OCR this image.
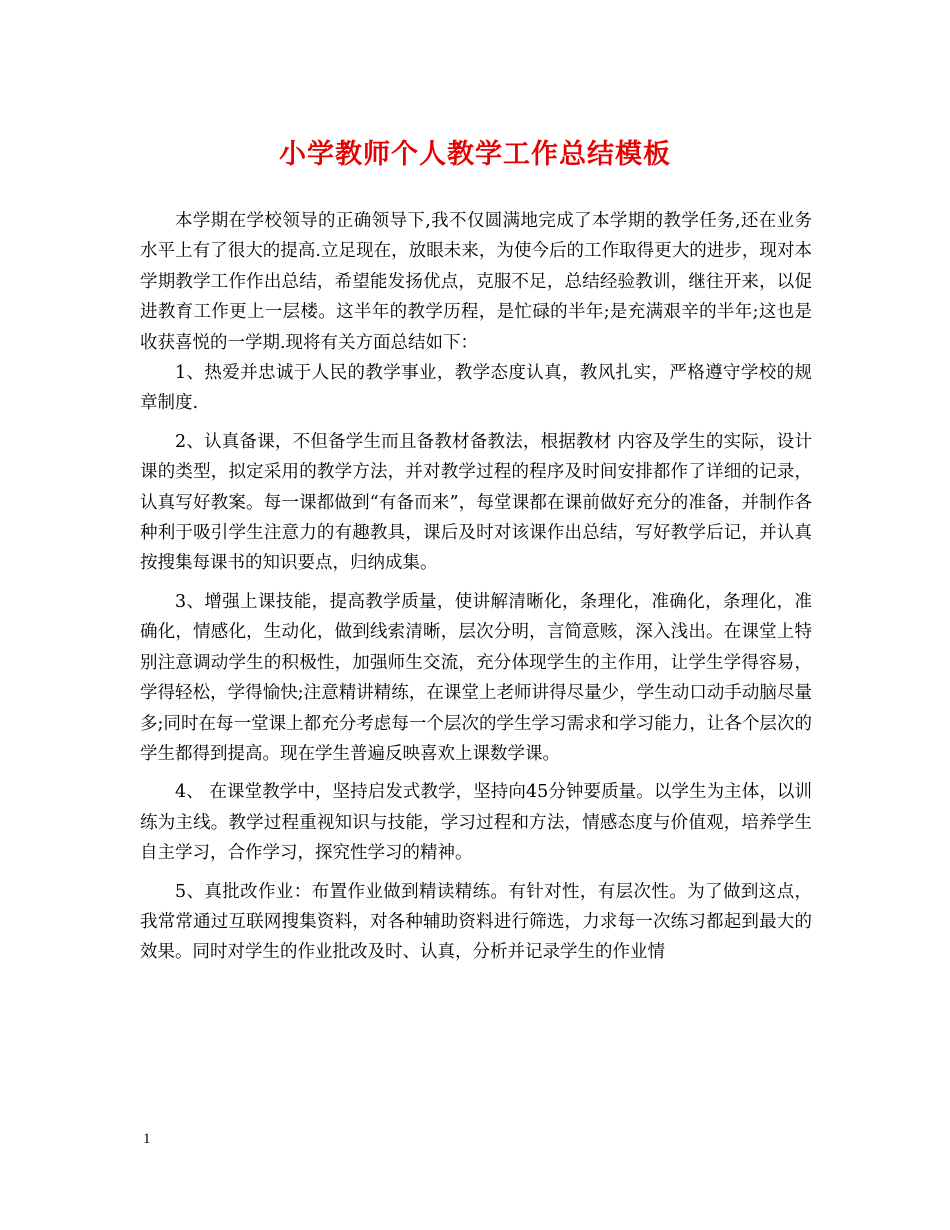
小学教师个人教学工作总结模板

本学期在学校领导的正确领导下,我不仅圆满地完成了本学期的教学任务,还在业务水平上有了很大的提高.立足现在，放眼未来，为使今后的工作取得更大的进步，现对本学期教学工作作出总结，希望能发扬优点，克服不足，总结经验教训，继往开来，以促进教育工作更上一层楼。这半年的教学历程，是忙碌的半年;是充满艰辛的半年;这也是收获喜悦的一学期.现将有关方面总结如下：

1、热爱并忠诚于人民的教学事业，教学态度认真，教风扎实，严格遵守学校的规章制度.

2、认真备课，不但备学生而且备教材备教法，根据教材 内容及学生的实际，设计课的类型，拟定采用的教学方法，并对教学过程的程序及时间安排都作了详细的记录，认真写好教案。每一课都做到“有备而来”，每堂课都在课前做好充分的准备，并制作各种利于吸引学生注意力的有趣教具，课后及时对该课作出总结，写好教学后记，并认真按搜集每课书的知识要点，归纳成集。

3、增强上课技能，提高教学质量，使讲解清晰化，条理化，准确化，条理化，准确化，情感化，生动化，做到线索清晰，层次分明，言简意赅，深入浅出。在课堂上特别注意调动学生的积极性，加强师生交流，充分体现学生的主作用，让学生学得容易，学得轻松，学得愉快;注意精讲精练，在课堂上老师讲得尽量少，学生动口动手动脑尽量多;同时在每一堂课上都充分考虑每一个层次的学生学习需求和学习能力，让各个层次的学生都得到提高。现在学生普遍反映喜欢上课数学课。

4、 在课堂教学中，坚持启发式教学，坚持向45分钟要质量。以学生为主体，以训练为主线。教学过程重视知识与技能，学习过程和方法，情感态度与价值观，培养学生自主学习，合作学习，探究性学习的精神。

5、真批改作业：布置作业做到精读精练。有针对性，有层次性。为了做到这点，我常常通过互联网搜集资料，对各种辅助资料进行筛选，力求每一次练习都起到最大的效果。同时对学生的作业批改及时、认真，分析并记录学生的作业情

1
